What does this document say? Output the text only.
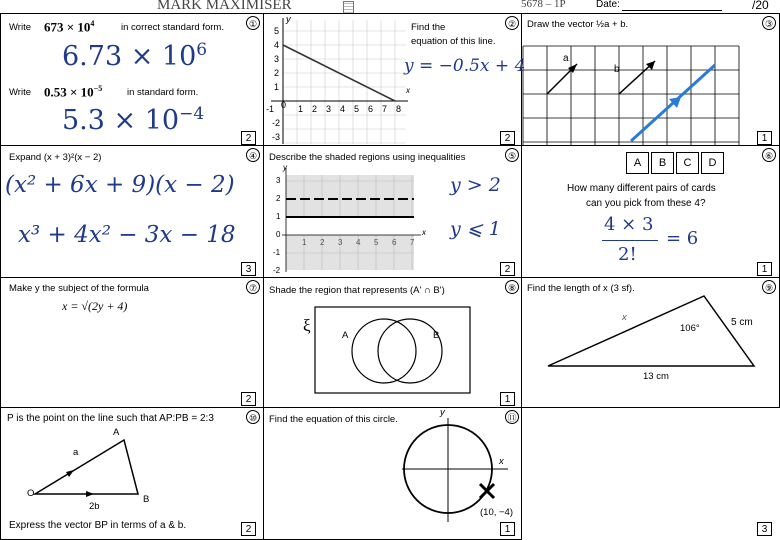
MARK MAXIMISER	5678 – 1P	Date:	/20
①
Write $673 \times 10^4$	in correct standard form.
$6.73 \times 10^6$
Write $0.53 \times 10^{-5}$	in standard form.
$5.3 \times 10^{-4}$
2
y
x
0
5
4
3
2
1
-1
-2
-3
1 2 3 4 5 6 7 8
Find the
equation of this line.
②
y = −0.5x + 4
2
Draw the vector ½a + b.	③
a
b
1
Expand (x + 3)²(x − 2)	④
(x² + 6x + 9)(x − 2)
x³ + 4x² − 3x − 18
3
Describe the shaded regions using inequalities	⑤
y
x
3
2
1
0
-1
-2
1 2 3 4 5 6 7
y > 2
y ⩽ 1
2
⑥
A	B	C	D
How many different pairs of cards
can you pick from these 4?
4 × 3
2!
= 6
1
Make y the subject of the formula	⑦
x = √(2y + 4)
2
Shade the region that represents (A' ∩ B')	⑧
ξ
A	B
1
Find the length of x (3 sf).	⑨
x
106°
5 cm
13 cm
3
P is the point on the line such that AP:PB = 2:3	⑩
A
a
O
B
2b
Express the vector BP in terms of a & b.	2
Find the equation of this circle.	⑪
y
x
(10, −4)
1
